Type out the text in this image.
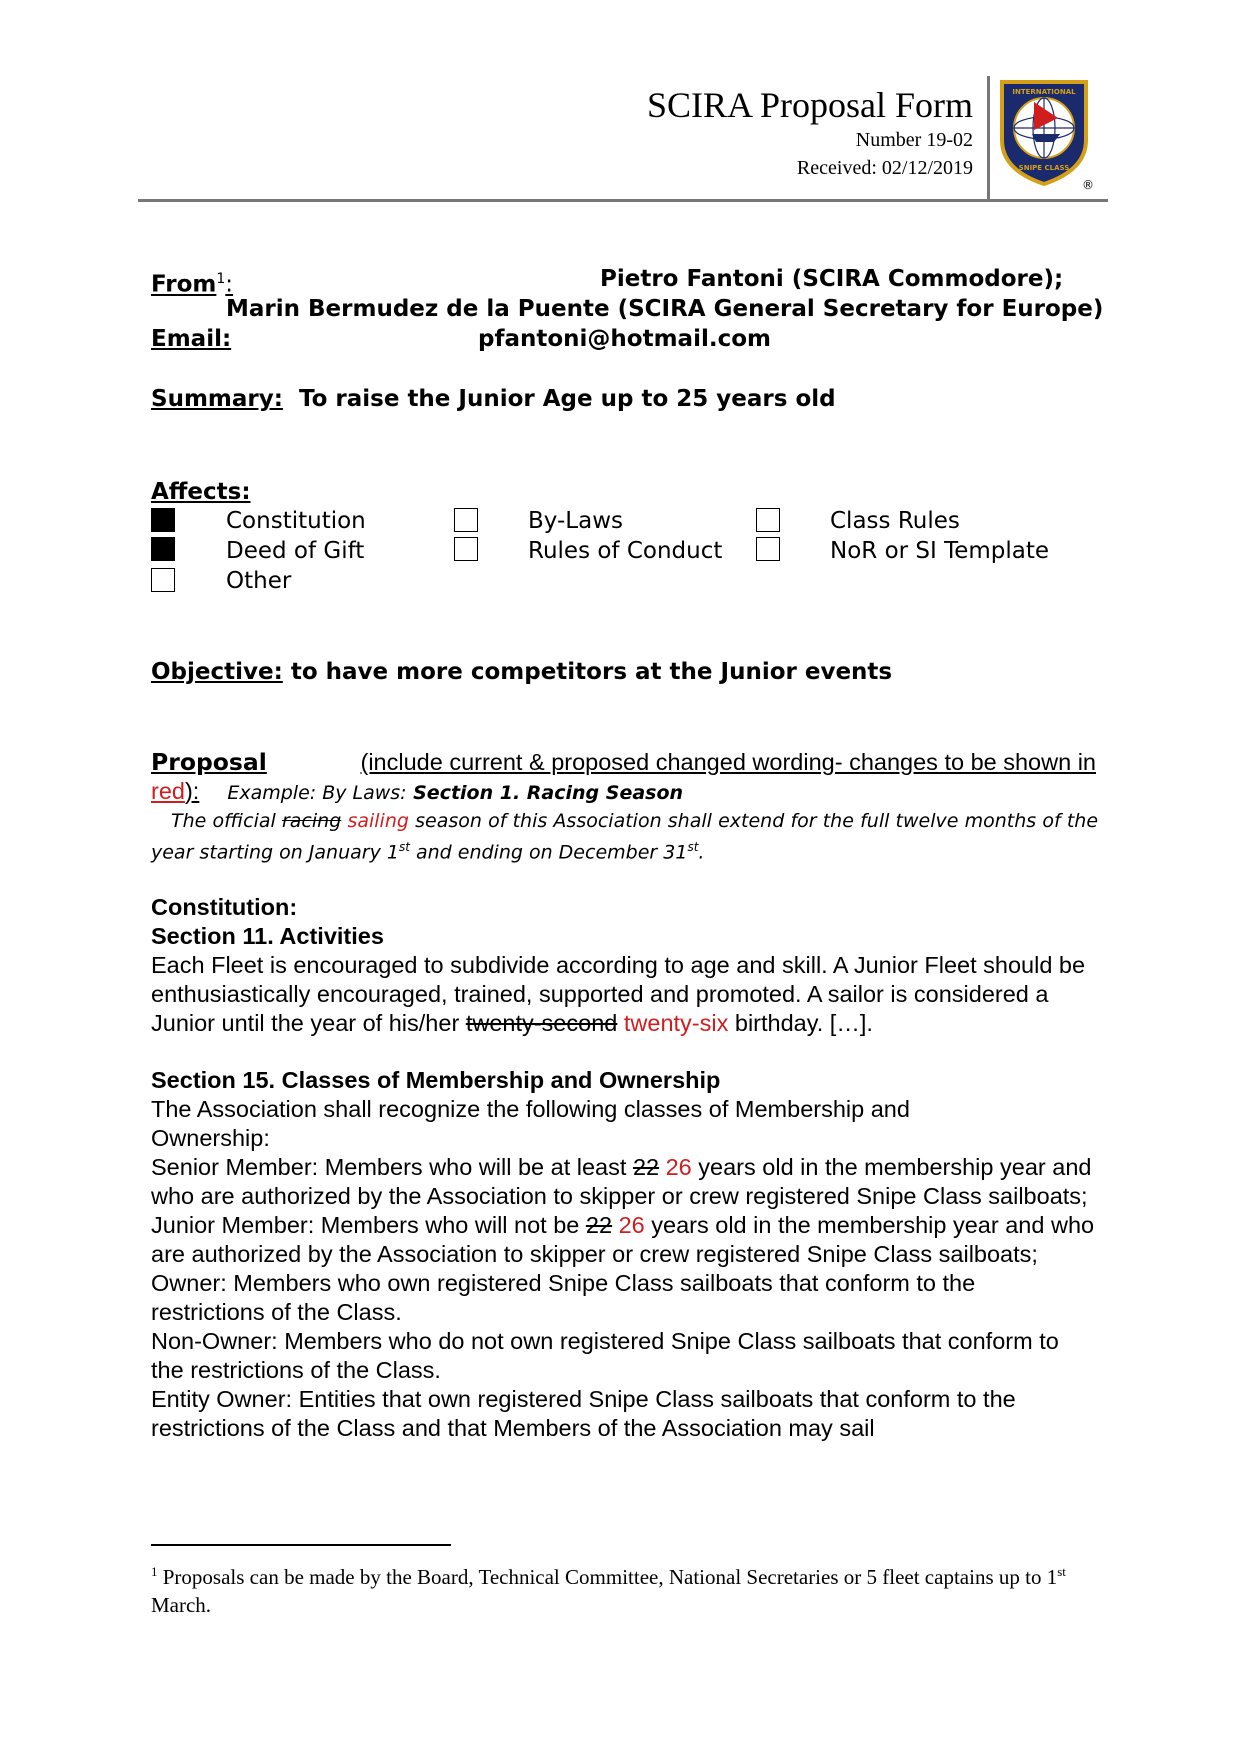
SCIRA Proposal Form
Number 19-02
Received: 02/12/2019
INTERNATIONAL
SNIPE CLASS
®
From$^1$:	Pietro Fantoni (SCIRA Commodore);
Marin Bermudez de la Puente (SCIRA General Secretary for Europe)
Email:	pfantoni@hotmail.com
Summary: To raise the Junior Age up to 25 years old
Affects:
Constitution	By-Laws	Class Rules
Deed of Gift	Rules of Conduct	NoR or SI Template
Other
Objective: to have more competitors at the Junior events
Proposal	(include current & proposed changed wording- changes to be shown in
red): Example: By Laws: Section 1. Racing Season
The official racing sailing season of this Association shall extend for the full twelve months of the
year starting on January 1st and ending on December 31st.
Constitution:
Section 11. Activities

Each Fleet is encouraged to subdivide according to age and skill. A Junior Fleet should be enthusiastically encouraged, trained, supported and promoted. A sailor is considered a Junior until the year of his/her twenty-second twenty-six birthday. […].

Section 15. Classes of Membership and Ownership

The Association shall recognize the following classes of Membership and Ownership:

Senior Member: Members who will be at least 22 26 years old in the membership year and who are authorized by the Association to skipper or crew registered Snipe Class sailboats;

Junior Member: Members who will not be 22 26 years old in the membership year and who are authorized by the Association to skipper or crew registered Snipe Class sailboats;

Owner: Members who own registered Snipe Class sailboats that conform to the restrictions of the Class.

Non-Owner: Members who do not own registered Snipe Class sailboats that conform to the restrictions of the Class.

Entity Owner: Entities that own registered Snipe Class sailboats that conform to the restrictions of the Class and that Members of the Association may sail

$^1$ Proposals can be made by the Board, Technical Committee, National Secretaries or 5 fleet captains up to 1st March.
